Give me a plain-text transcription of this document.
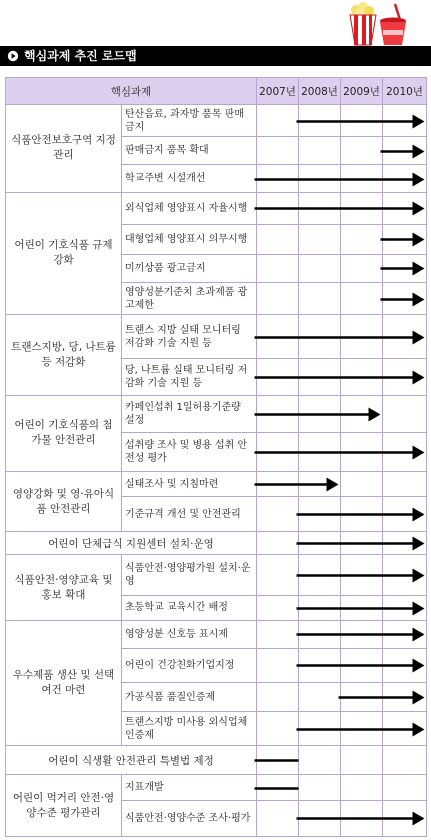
핵심과제 추진 로드맵
핵심과제		2007년	2008년	2009년	2010년
식품안전보호구역 지정관리	탄산음료, 과자방 품목 판매금지				
	판매금지 품목 확대				
	학교주변 시설개선				
어린이 기호식품 규제 강화	외식업체 영양표시 자율시행				
	대형업체 영양표시 의무시행				
	미끼상품 광고금지				
	영양성분기준치 초과제품 광고제한				
트랜스지방, 당, 나트륨 등 저감화	트랜스 지방 실태 모니터링 저감화 기술 지원 등				
	당, 나트륨 실태 모니터링 저감화 기술 지원 등				
어린이 기호식품의 첨가물 안전관리	카페인섭취 1일허용기준량 설정				
	섭취량 조사 및 병용 섭취 안전성 평가				
영양강화 및 영·유아식품 안전관리	실태조사 및 지침마련				
	기준규격 개선 및 안전관리				
어린이 단체급식 지원센터 설치·운영					
식품안전·영양교육 및 홍보 확대	식품안전·영양평가원 설치·운영				
	초등학교 교육시간 배정				
우수제품 생산 및 선택여건 마련	영양성분 신호등 표시제				
	어린이 건강친화기업지정				
	가공식품 품질인증제				
	트랜스지방 미사용 외식업체 인증제				
어린이 식생활 안전관리 특별법 제정					
어린이 먹거리 안전·영양수준 평가관리	지표개발				
	식품안전·영양수준 조사·평가				
